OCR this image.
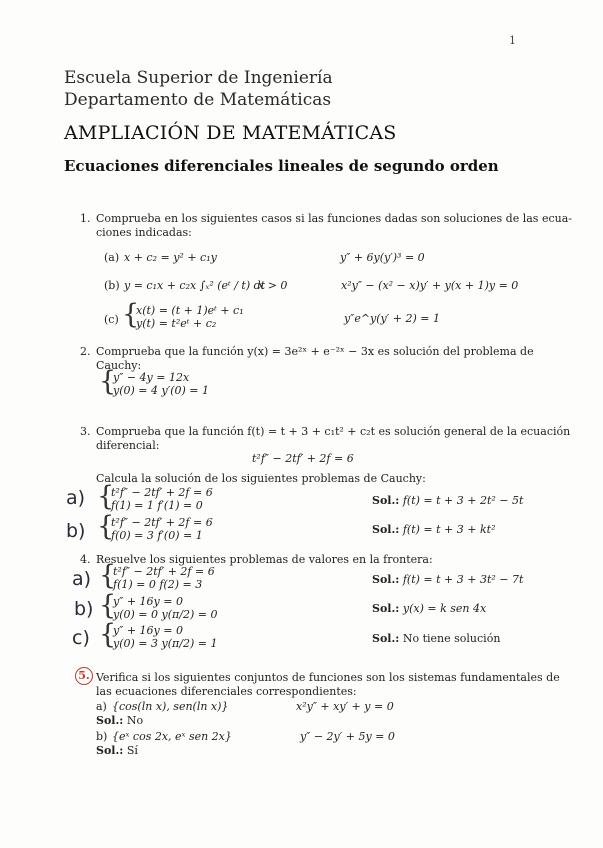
1
Escuela Superior de Ingeniería
Departamento de Matemáticas
AMPLIACIÓN DE MATEMÁTICAS
Ecuaciones diferenciales lineales de segundo orden
1. Comprueba en los siguientes casos si las funciones dadas son soluciones de las ecua-
ciones indicadas:
(a) x + c₂ = y² + c₁y	y″ + 6y(y′)³ = 0
(b) y = c₁x + c₂x ∫ₓ² (eᵗ / t) dt
x > 0	x²y″ − (x² − x)y′ + y(x + 1)y = 0
(c) {
x(t) = (t + 1)eᵗ + c₁
y(t) = t²eᵗ + c₂	y″e^y(y′ + 2) = 1
2. Comprueba que la función y(x) = 3e²ˣ + e⁻²ˣ − 3x es solución del problema de
Cauchy:
{
y″ − 4y = 12x
y(0) = 4 y′(0) = 1
3. Comprueba que la función f(t) = t + 3 + c₁t² + c₂t es solución general de la ecuación
diferencial:
t²f″ − 2tf′ + 2f = 6
Calcula la solución de los siguientes problemas de Cauchy:
a) {
t²f″ − 2tf′ + 2f = 6
f(1) = 1 f′(1) = 0	Sol.: f(t) = t + 3 + 2t² − 5t
b) {
t²f″ − 2tf′ + 2f = 6
f(0) = 3 f′(0) = 1	Sol.: f(t) = t + 3 + kt²
4. Resuelve los siguientes problemas de valores en la frontera:
a) {
t²f″ − 2tf′ + 2f = 6
f(1) = 0 f(2) = 3	Sol.: f(t) = t + 3 + 3t² − 7t
b) {
y″ + 16y = 0
y(0) = 0 y(π/2) = 0	Sol.: y(x) = k sen 4x
c) {
y″ + 16y = 0
y(0) = 3 y(π/2) = 1	Sol.: No tiene solución
5. Verifica si los siguientes conjuntos de funciones son los sistemas fundamentales de
las ecuaciones diferenciales correspondientes:
a) {cos(ln x), sen(ln x)}	x²y″ + xy′ + y = 0
Sol.: No
b) {eˣ cos 2x, eˣ sen 2x}	y″ − 2y′ + 5y = 0
Sol.: Sí
